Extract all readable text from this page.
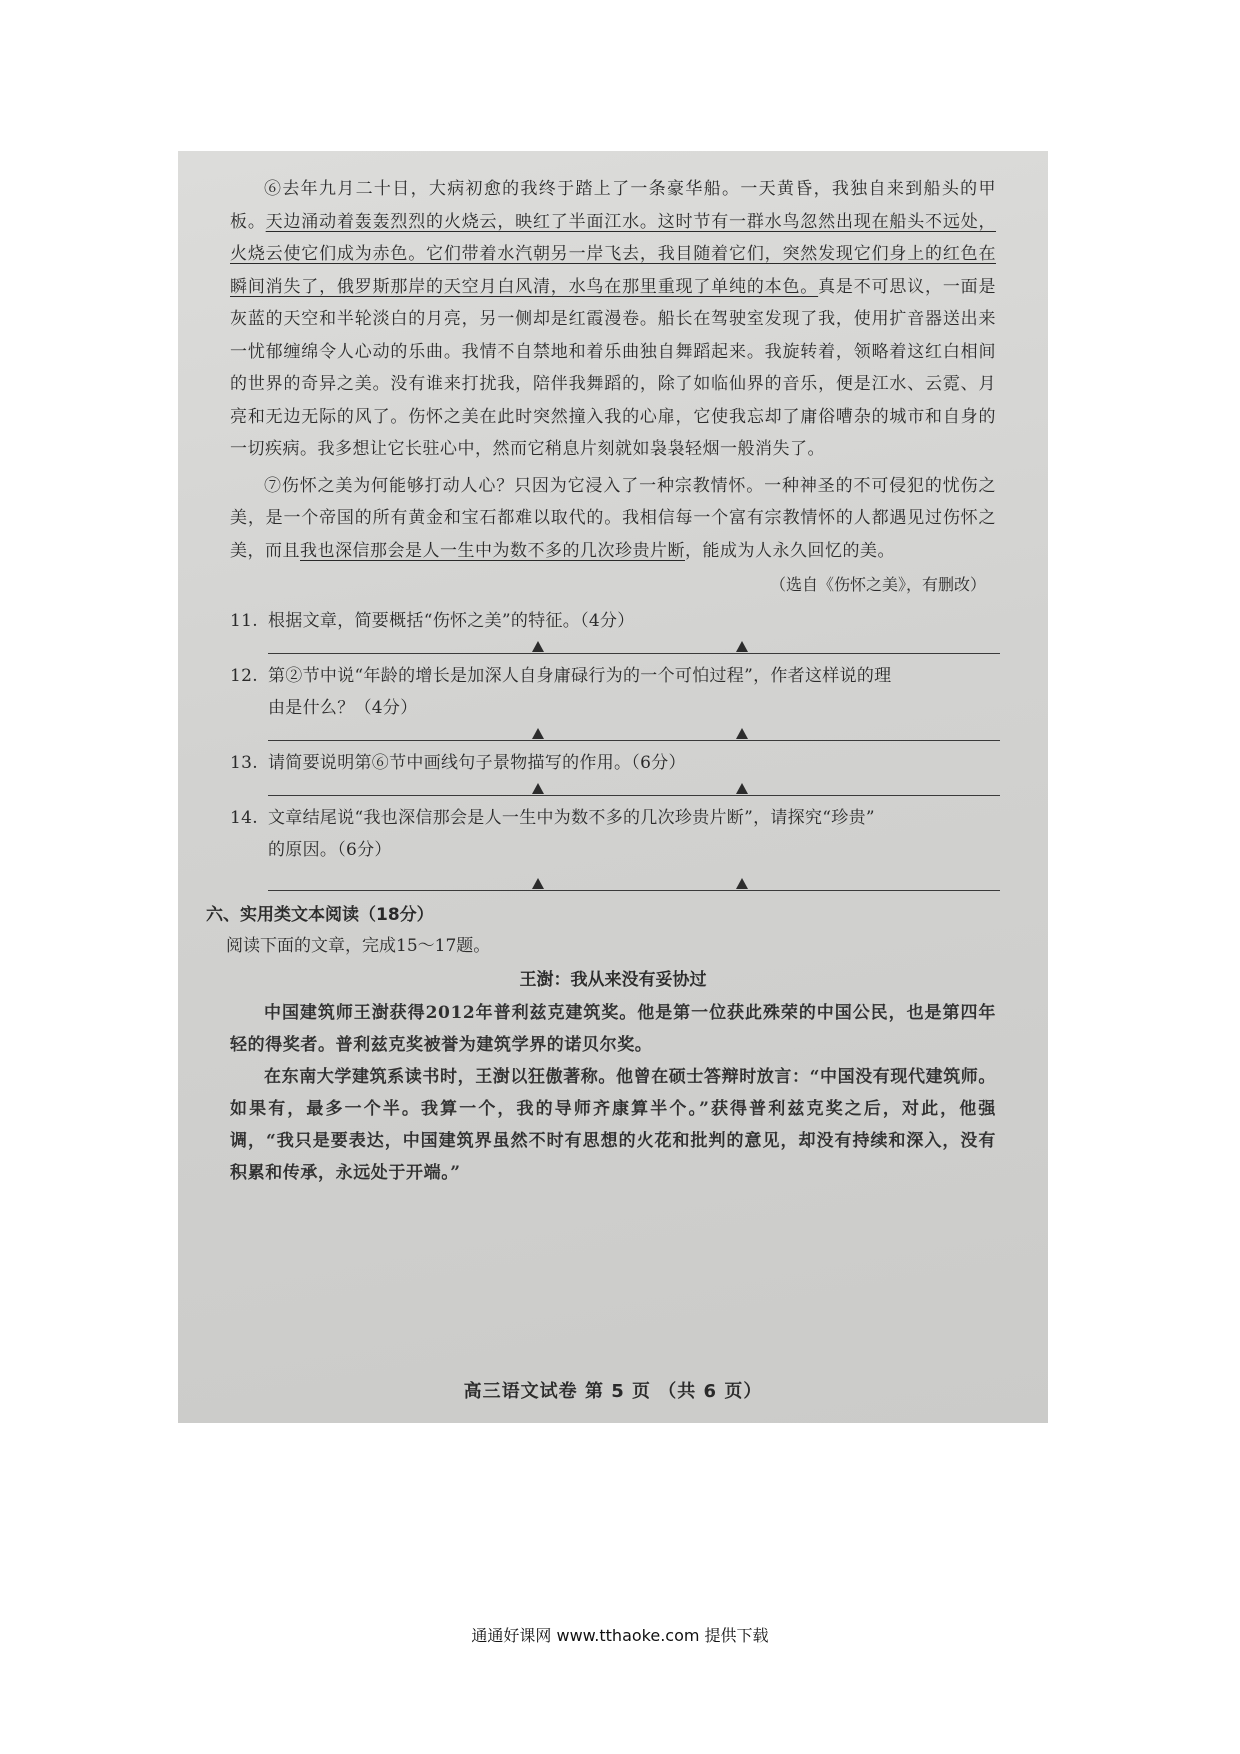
⑥去年九月二十日，大病初愈的我终于踏上了一条豪华船。一天黄昏，我独自来到船头的甲板。天边涌动着轰轰烈烈的火烧云，映红了半面江水。这时节有一群水鸟忽然出现在船头不远处，火烧云使它们成为赤色。它们带着水汽朝另一岸飞去，我目随着它们，突然发现它们身上的红色在瞬间消失了，俄罗斯那岸的天空月白风清，水鸟在那里重现了单纯的本色。真是不可思议，一面是灰蓝的天空和半轮淡白的月亮，另一侧却是红霞漫卷。船长在驾驶室发现了我，使用扩音器送出来一忧郁缠绵令人心动的乐曲。我情不自禁地和着乐曲独自舞蹈起来。我旋转着，领略着这红白相间的世界的奇异之美。没有谁来打扰我，陪伴我舞蹈的，除了如临仙界的音乐，便是江水、云霓、月亮和无边无际的风了。伤怀之美在此时突然撞入我的心扉，它使我忘却了庸俗嘈杂的城市和自身的一切疾病。我多想让它长驻心中，然而它稍息片刻就如袅袅轻烟一般消失了。

⑦伤怀之美为何能够打动人心？只因为它浸入了一种宗教情怀。一种神圣的不可侵犯的忧伤之美，是一个帝国的所有黄金和宝石都难以取代的。我相信每一个富有宗教情怀的人都遇见过伤怀之美，而且我也深信那会是人一生中为数不多的几次珍贵片断，能成为人永久回忆的美。

（选自《伤怀之美》，有删改）

11. 根据文章，简要概括“伤怀之美”的特征。（4分）

12. 第②节中说“年龄的增长是加深人自身庸碌行为的一个可怕过程”，作者这样说的理

由是什么？（4分）

13. 请简要说明第⑥节中画线句子景物描写的作用。（6分）

14. 文章结尾说“我也深信那会是人一生中为数不多的几次珍贵片断”，请探究“珍贵”

的原因。（6分）

六、实用类文本阅读（18分）

阅读下面的文章，完成15～17题。

王澍：我从来没有妥协过

中国建筑师王澍获得2012年普利兹克建筑奖。他是第一位获此殊荣的中国公民，也是第四年轻的得奖者。普利兹克奖被誉为建筑学界的诺贝尔奖。

在东南大学建筑系读书时，王澍以狂傲著称。他曾在硕士答辩时放言：“中国没有现代建筑师。如果有，最多一个半。我算一个，我的导师齐康算半个。”获得普利兹克奖之后，对此，他强调，“我只是要表达，中国建筑界虽然不时有思想的火花和批判的意见，却没有持续和深入，没有积累和传承，永远处于开端。”

高三语文试卷 第 5 页 （共 6 页）
通通好课网 www.tthaoke.com 提供下载
